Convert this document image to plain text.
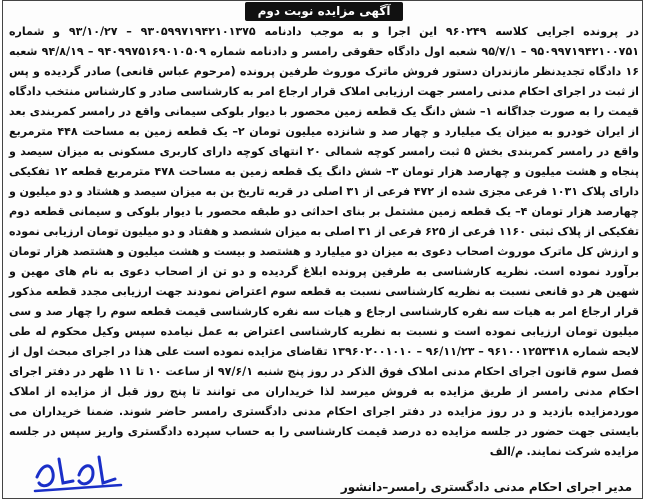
آگهی مزایده نوبت دوم
در پرونده اجرایی کلاسه ۹۶۰۲۴۹ این اجرا و به موجب دادنامه ۹۳۰۵۹۹۷۱۹۴۲۱۰۱۳۷۵ – ۹۳/۱۰/۲۷ و شماره ۹۵۰۹۹۷۱۹۴۲۱۰۰۷۵۱ – ۹۵/۷/۱ شعبه اول دادگاه حقوقی رامسر و دادنامه شماره ۹۴۰۹۹۷۵۱۶۹۰۱۰۵۰۹ – ۹۴/۸/۱۹ شعبه ۱۶ دادگاه تجدیدنظر مازندران دستور فروش ماترک موروث طرفین پرونده (مرحوم عباس قانعی) صادر گردیده و پس از ثبت در اجرای احکام مدنی رامسر جهت ارزیابی املاک قرار ارجاع امر به کارشناسی صادر و کارشناس منتخب دادگاه قیمت را به صورت جداگانه ۱– شش دانگ یک قطعه زمین محصور با دیوار بلوکی سیمانی واقع در رامسر کمربندی بعد از ایران خودرو به میزان یک میلیارد و چهار صد و شانزده میلیون تومان ۲– یک قطعه زمین به مساحت ۴۴۸ مترمربع واقع در رامسر کمربندی بخش ۵ ثبت رامسر کوچه شمالی ۲۰ انتهای کوچه دارای کاربری مسکونی به میزان سیصد و پنجاه و هشت میلیون و چهارصد هزار تومان ۳– شش دانگ یک قطعه زمین به مساحت ۴۷۸ مترمربع قطعه ۱۲ تفکیکی دارای پلاک ۱۰۳۱ فرعی مجزی شده از ۴۷۲ فرعی از ۳۱ اصلی در قریه تاریخ بن به میزان سیصد و هشتاد و دو میلیون و چهارصد هزار تومان ۴– یک قطعه زمین مشتمل بر بنای احداثی دو طبقه محصور با دیوار بلوکی و سیمانی قطعه دوم تفکیکی از پلاک ثبتی ۱۱۶۰ فرعی از ۶۲۵ فرعی از ۳۱ اصلی به میزان ششصد و هفتاد و دو میلیون تومان ارزیابی نموده و ارزش کل ماترک موروث اصحاب دعوی به میزان دو میلیارد و هشتصد و بیست و هشت میلیون و هشتصد هزار تومان برآورد نموده است. نظریه کارشناسی به طرفین پرونده ابلاغ گردیده و دو تن از اصحاب دعوی به نام های مهین و شهین هر دو قانعی نسبت به نظریه کارشناسی نسبت به قطعه سوم اعتراض نمودند جهت ارزیابی مجدد قطعه مذکور قرار ارجاع امر به هیات سه نفره کارشناسی ارجاع و هیات سه نفره کارشناسی قیمت قطعه سوم را چهار صد و سی میلیون تومان ارزیابی نموده است و نسبت به نظریه کارشناسی اعتراض به عمل نیامده سپس وکیل محکوم له طی لایحه شماره ۹۶۱۰۰۱۲۵۳۴۱۸ – ۹۶/۱۱/۲۳ – ۱۳۹۶۰۲۰۰۱۰۱۰ تقاضای مزایده نموده است علی هذا در اجرای مبحث اول از فصل سوم قانون اجرای احکام مدنی املاک فوق الذکر در روز پنج شنبه ۹۷/۶/۱ از ساعت ۱۰ تا ۱۱ ظهر در دفتر اجرای احکام مدنی رامسر از طریق مزایده به فروش میرسد لذا خریداران می توانند تا پنج روز قبل از مزایده از املاک موردمزایده بازدید و در روز مزایده در دفتر اجرای احکام مدنی دادگستری رامسر حاضر شوند. ضمنا خریداران می بایستی جهت حضور در جلسه مزایده ده درصد قیمت کارشناسی را به حساب سپرده دادگستری واریز سپس در جلسه مزایده شرکت نمایند. م/الف
مدیر اجرای احکام مدنی دادگستری رامسر–دانشور
